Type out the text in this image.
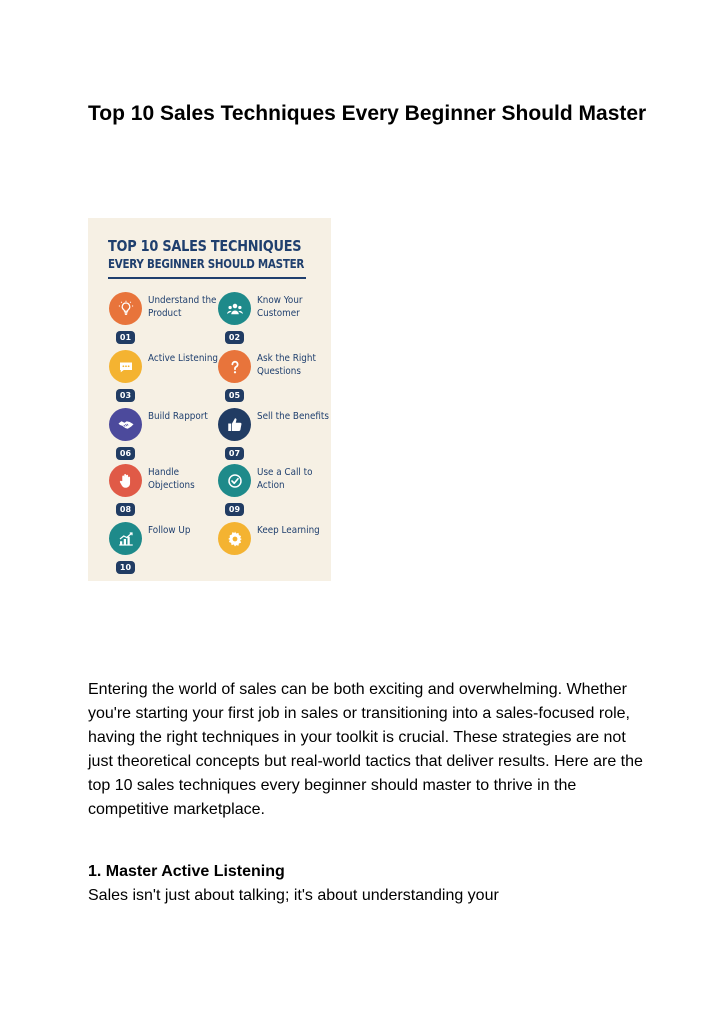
Top 10 Sales Techniques Every Beginner Should Master
TOP 10 SALES TECHNIQUES
EVERY BEGINNER SHOULD MASTER
Understand the Product
01
Know Your Customer
02
Active Listening
03
Ask the Right Questions
05
Build Rapport
06
Sell the Benefits
07
Handle Objections
08
Use a Call to Action
09
Follow Up
10
Keep Learning

Entering the world of sales can be both exciting and overwhelming. Whether you're starting your first job in sales or transitioning into a sales-focused role, having the right techniques in your toolkit is crucial. These strategies are not just theoretical concepts but real-world tactics that deliver results. Here are the top 10 sales techniques every beginner should master to thrive in the competitive marketplace.

1. Master Active Listening

Sales isn't just about talking; it's about understanding your
